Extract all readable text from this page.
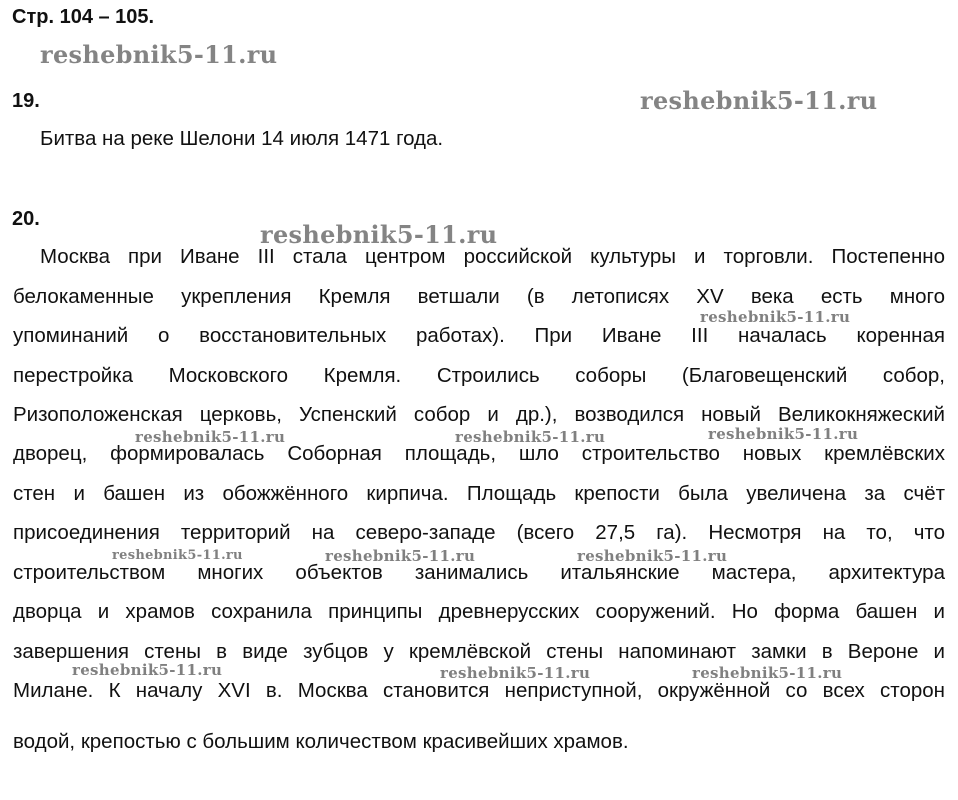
Стр. 104 – 105.
19.
Битва на реке Шелони 14 июля 1471 года.
20.
Москва при Иване III стала центром российской культуры и торговли. Постепенно
белокаменные укрепления Кремля ветшали (в летописях XV века есть много
упоминаний о восстановительных работах). При Иване III началась коренная
перестройка Московского Кремля. Строились соборы (Благовещенский собор,
Ризоположенская церковь, Успенский собор и др.), возводился новый Великокняжеский
дворец, формировалась Соборная площадь, шло строительство новых кремлёвских
стен и башен из обожжённого кирпича. Площадь крепости была увеличена за счёт
присоединения территорий на северо-западе (всего 27,5 га). Несмотря на то, что
строительством многих объектов занимались итальянские мастера, архитектура
дворца и храмов сохранила принципы древнерусских сооружений. Но форма башен и
завершения стены в виде зубцов у кремлёвской стены напоминают замки в Вероне и
Милане. К началу XVI в. Москва становится неприступной, окружённой со всех сторон
водой, крепостью с большим количеством красивейших храмов.
reshebnik5-11.ru
reshebnik5-11.ru
reshebnik5-11.ru
reshebnik5-11.ru
reshebnik5-11.ru	reshebnik5-11.ru	reshebnik5-11.ru
reshebnik5-11.ru	reshebnik5-11.ru	reshebnik5-11.ru
reshebnik5-11.ru	reshebnik5-11.ru	reshebnik5-11.ru
